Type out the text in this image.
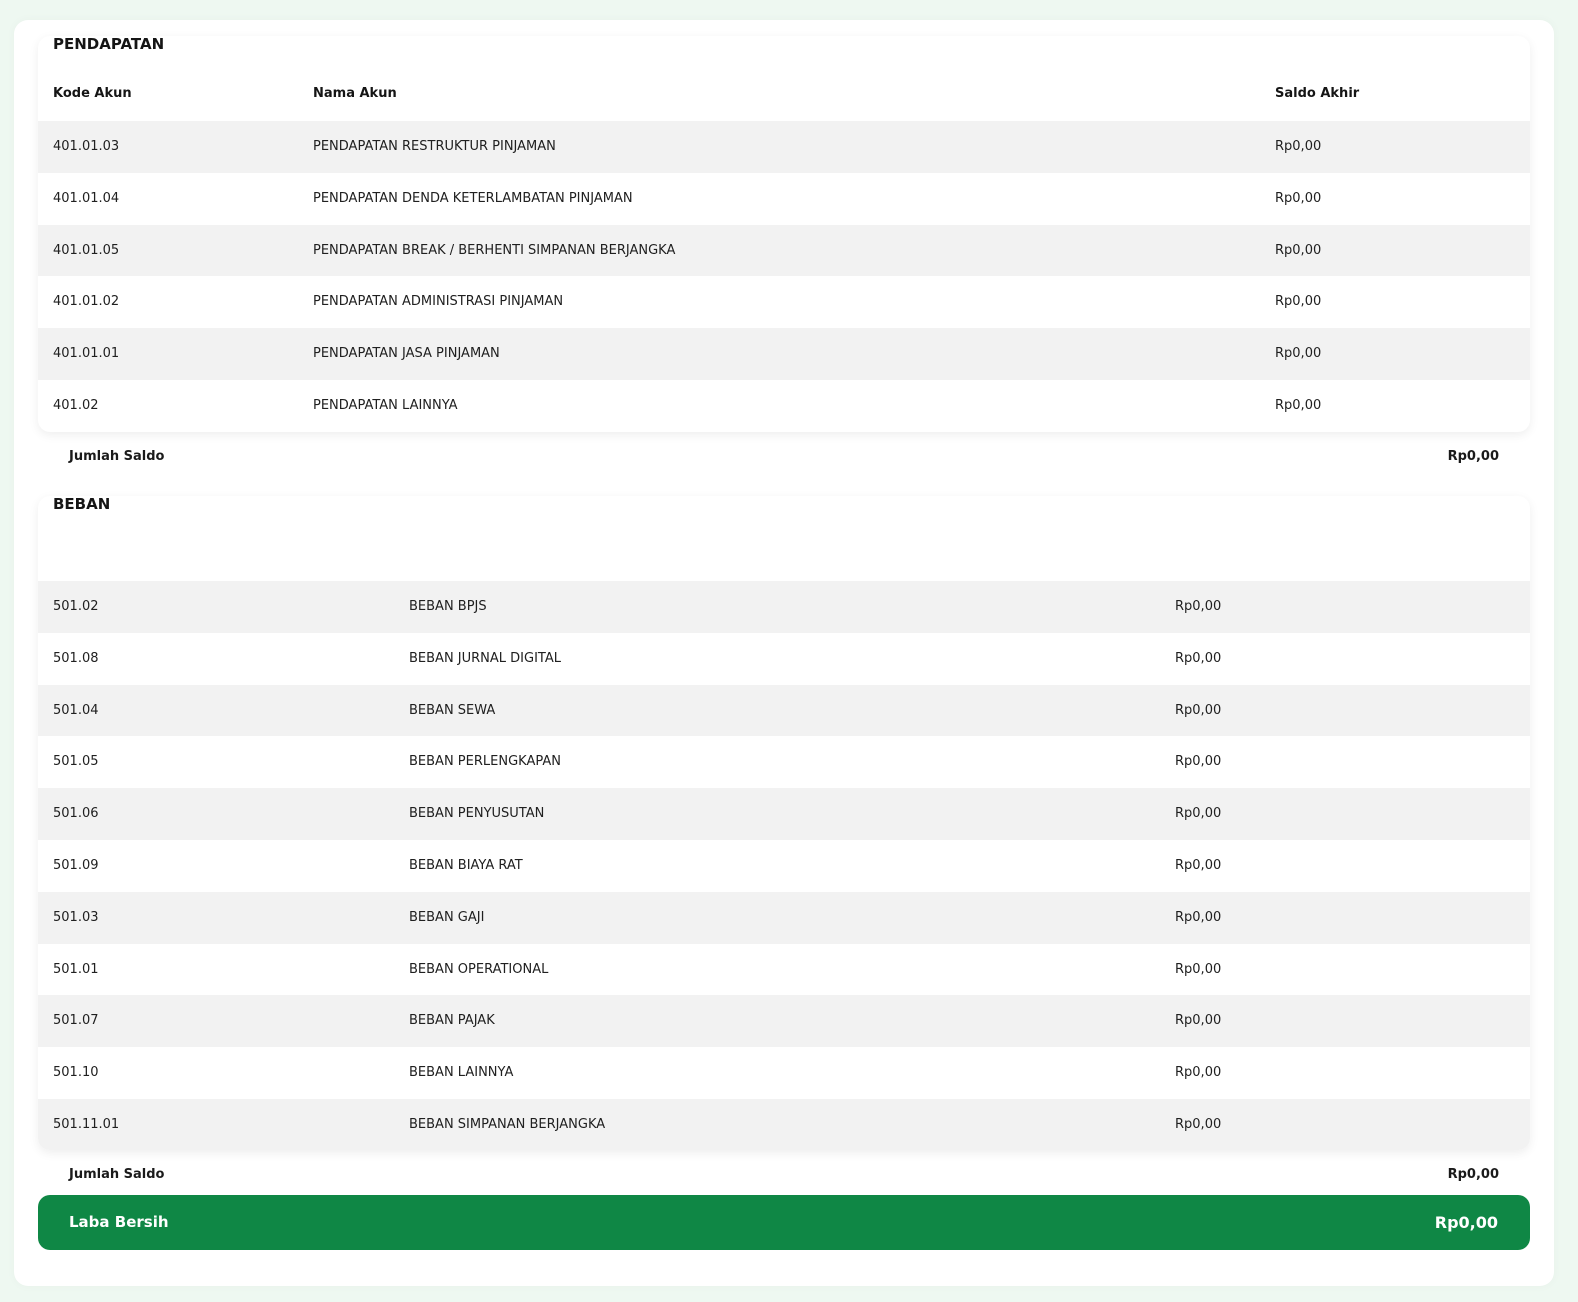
PENDAPATAN
Kode Akun	Nama Akun	Saldo Akhir
401.01.03	PENDAPATAN RESTRUKTUR PINJAMAN	Rp0,00
401.01.04	PENDAPATAN DENDA KETERLAMBATAN PINJAMAN	Rp0,00
401.01.05	PENDAPATAN BREAK / BERHENTI SIMPANAN BERJANGKA	Rp0,00
401.01.02	PENDAPATAN ADMINISTRASI PINJAMAN	Rp0,00
401.01.01	PENDAPATAN JASA PINJAMAN	Rp0,00
401.02	PENDAPATAN LAINNYA	Rp0,00
Jumlah Saldo	Rp0,00
BEBAN
501.02	BEBAN BPJS	Rp0,00
501.08	BEBAN JURNAL DIGITAL	Rp0,00
501.04	BEBAN SEWA	Rp0,00
501.05	BEBAN PERLENGKAPAN	Rp0,00
501.06	BEBAN PENYUSUTAN	Rp0,00
501.09	BEBAN BIAYA RAT	Rp0,00
501.03	BEBAN GAJI	Rp0,00
501.01	BEBAN OPERATIONAL	Rp0,00
501.07	BEBAN PAJAK	Rp0,00
501.10	BEBAN LAINNYA	Rp0,00
501.11.01	BEBAN SIMPANAN BERJANGKA	Rp0,00
Jumlah Saldo	Rp0,00
Laba Bersih	Rp0,00
